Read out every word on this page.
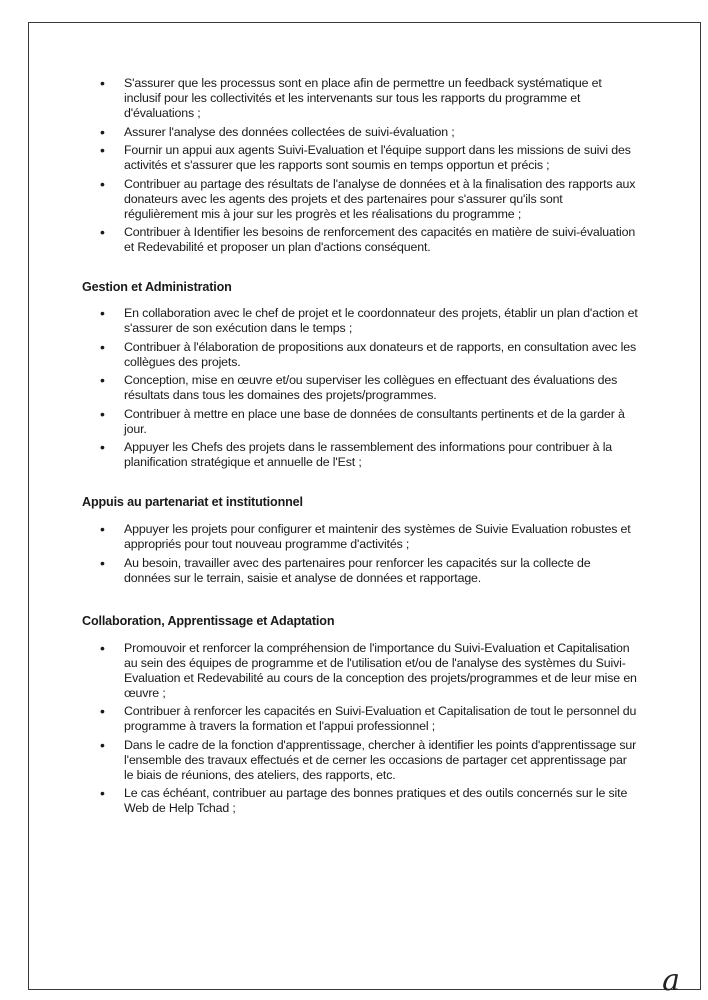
• S'assurer que les processus sont en place afin de permettre un feedback systématique et inclusif pour les collectivités et les intervenants sur tous les rapports du programme et d'évaluations ;
• Assurer l'analyse des données collectées de suivi-évaluation ;
• Fournir un appui aux agents Suivi-Evaluation et l'équipe support dans les missions de suivi des activités et s'assurer que les rapports sont soumis en temps opportun et précis ;
• Contribuer au partage des résultats de l'analyse de données et à la finalisation des rapports aux donateurs avec les agents des projets et des partenaires pour s'assurer qu'ils sont régulièrement mis à jour sur les progrès et les réalisations du programme ;
• Contribuer à Identifier les besoins de renforcement des capacités en matière de suivi-évaluation et Redevabilité et proposer un plan d'actions conséquent.
Gestion et Administration
• En collaboration avec le chef de projet et le coordonnateur des projets, établir un plan d'action et s'assurer de son exécution dans le temps ;
• Contribuer à l'élaboration de propositions aux donateurs et de rapports, en consultation avec les collègues des projets.
• Conception, mise en œuvre et/ou superviser les collègues en effectuant des évaluations des résultats dans tous les domaines des projets/programmes.
• Contribuer à mettre en place une base de données de consultants pertinents et de la garder à jour.
• Appuyer les Chefs des projets dans le rassemblement des informations pour contribuer à la planification stratégique et annuelle de l'Est ;
Appuis au partenariat et institutionnel
• Appuyer les projets pour configurer et maintenir des systèmes de Suivie Evaluation robustes et appropriés pour tout nouveau programme d'activités ;
• Au besoin, travailler avec des partenaires pour renforcer les capacités sur la collecte de données sur le terrain, saisie et analyse de données et rapportage.
Collaboration, Apprentissage et Adaptation
• Promouvoir et renforcer la compréhension de l'importance du Suivi-Evaluation et Capitalisation au sein des équipes de programme et de l'utilisation et/ou de l'analyse des systèmes du Suivi-Evaluation et Redevabilité au cours de la conception des projets/programmes et de leur mise en œuvre ;
• Contribuer à renforcer les capacités en Suivi-Evaluation et Capitalisation de tout le personnel du programme à travers la formation et l'appui professionnel ;
• Dans le cadre de la fonction d'apprentissage, chercher à identifier les points d'apprentissage sur l'ensemble des travaux effectués et de cerner les occasions de partager cet apprentissage par le biais de réunions, des ateliers, des rapports, etc.
• Le cas échéant, contribuer au partage des bonnes pratiques et des outils concernés sur le site Web de Help Tchad ;
a
